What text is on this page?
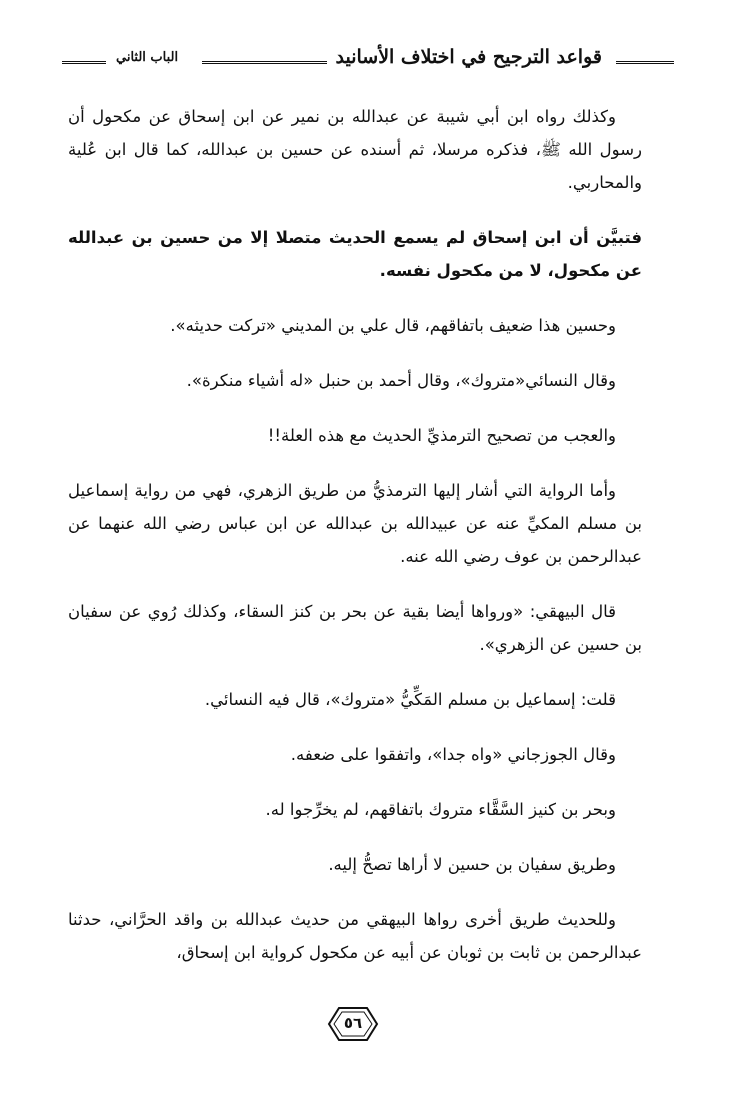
قواعد الترجيح في اختلاف الأسانيد
الباب الثاني

وكذلك رواه ابن أبي شيبة عن عبدالله بن نمير عن ابن إسحاق عن مكحول أن رسول الله ﷺ، فذكره مرسلا، ثم أسنده عن حسين بن عبدالله، كما قال ابن عُلية والمحاربي.

فتبيَّن أن ابن إسحاق لم يسمع الحديث متصلا إلا من حسين بن عبدالله عن مكحول، لا من مكحول نفسه.

وحسين هذا ضعيف باتفاقهم، قال علي بن المديني «تركت حديثه».

وقال النسائي«متروك»، وقال أحمد بن حنبل «له أشياء منكرة».

والعجب من تصحيح الترمذيِّ الحديث مع هذه العلة!!

وأما الرواية التي أشار إليها الترمذيُّ من طريق الزهري، فهي من رواية إسماعيل بن مسلم المكيِّ عنه عن عبيدالله بن عبدالله عن ابن عباس رضي الله عنهما عن عبدالرحمن بن عوف رضي الله عنه.

قال البيهقي: «ورواها أيضا بقية عن بحر بن كنز السقاء، وكذلك رُوي عن سفيان بن حسين عن الزهري».

قلت: إسماعيل بن مسلم المَكِّيُّ «متروك»، قال فيه النسائي.

وقال الجوزجاني «واه جدا»، واتفقوا على ضعفه.

وبحر بن كنيز السَّقَّاء متروك باتفاقهم، لم يخرِّجوا له.

وطريق سفيان بن حسين لا أراها تصحُّ إليه.

وللحديث طريق أخرى رواها البيهقي من حديث عبدالله بن واقد الحرَّاني، حدثنا عبدالرحمن بن ثابت بن ثوبان عن أبيه عن مكحول كرواية ابن إسحاق،

٥٦
